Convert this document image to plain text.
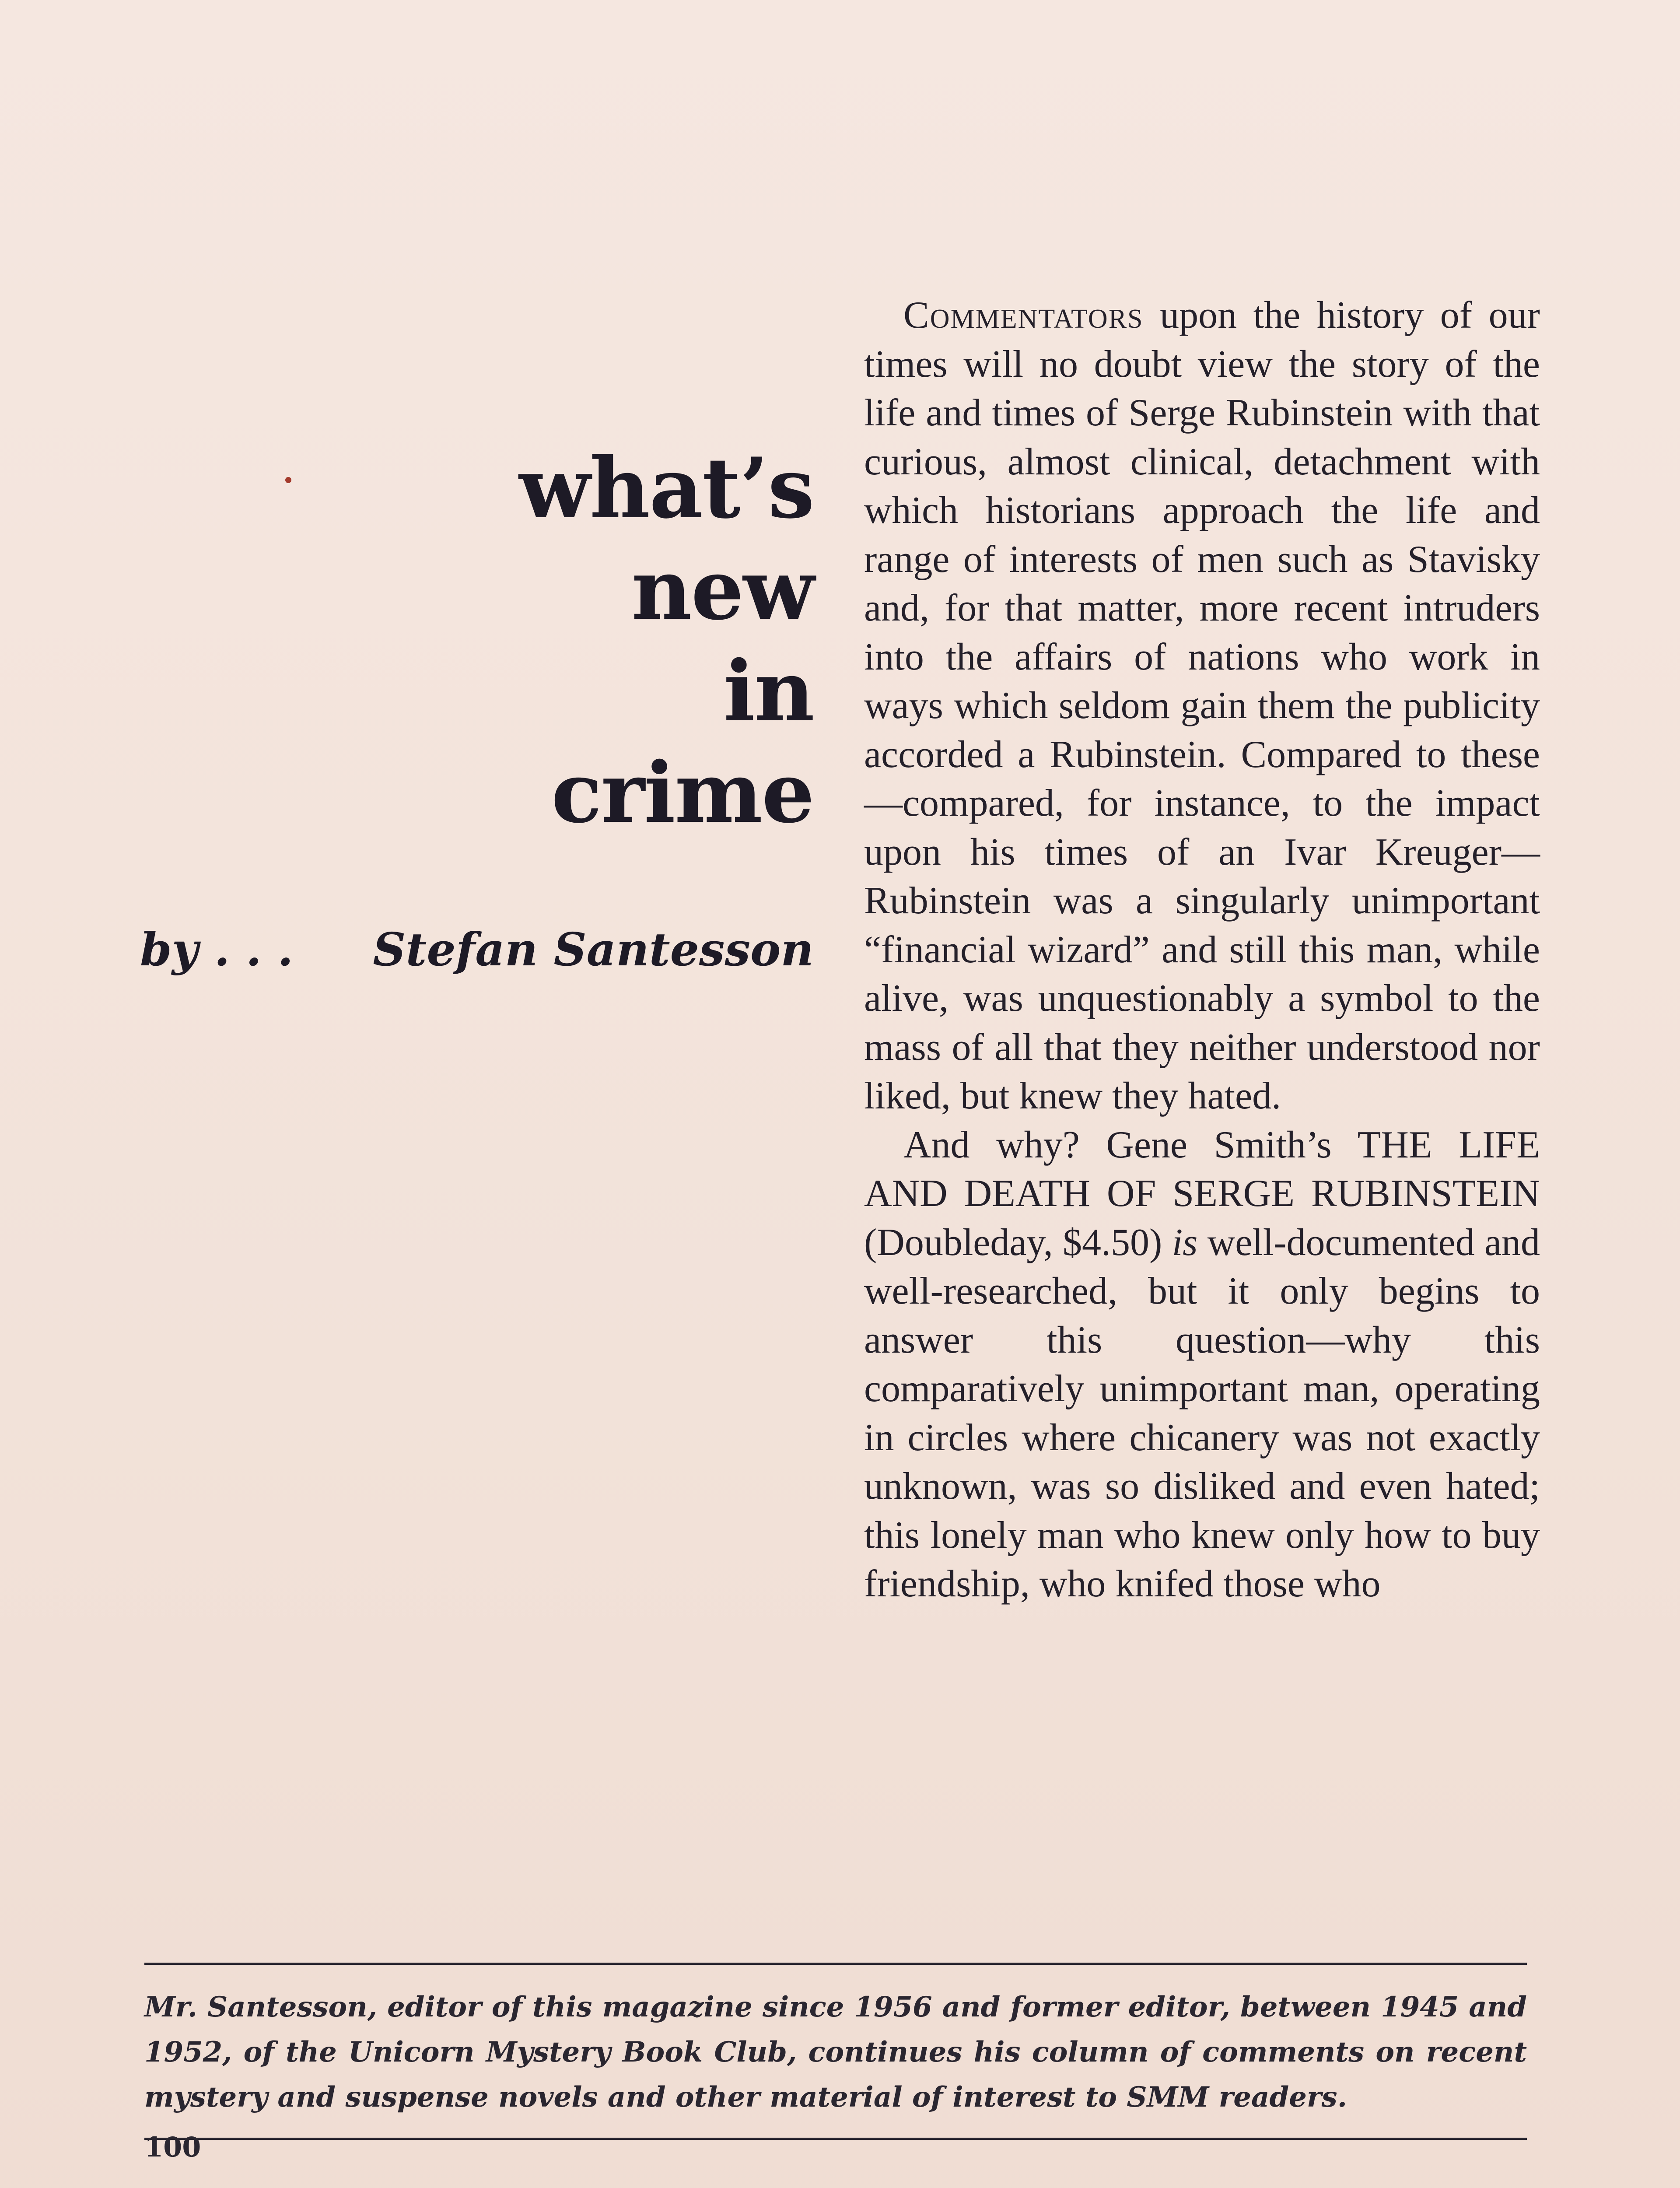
what’s
new
in
crime
by . . . Stefan Santesson

Commentators upon the history of our times will no doubt view the story of the life and times of Serge Rubinstein with that curious, almost clinical, detachment with which historians approach the life and range of interests of men such as Stavisky and, for that matter, more recent intruders into the affairs of nations who work in ways which seldom gain them the publicity accorded a Rubinstein. Compared to these—compared, for instance, to the impact upon his times of an Ivar Kreuger—Rubinstein was a singularly unimportant “financial wizard” and still this man, while alive, was unquestionably a symbol to the mass of all that they neither understood nor liked, but knew they hated.

And why? Gene Smith’s THE LIFE AND DEATH OF SERGE RUBINSTEIN (Doubleday, $4.50) is well-documented and well-researched, but it only begins to answer this question—why this comparatively unimportant man, operating in circles where chicanery was not exactly unknown, was so disliked and even hated; this lonely man who knew only how to buy friendship, who knifed those who

Mr. Santesson, editor of this magazine since 1956 and former editor, between 1945 and 1952, of the Unicorn Mystery Book Club, continues his column of comments on recent mystery and suspense novels and other material of interest to SMM readers.
100
